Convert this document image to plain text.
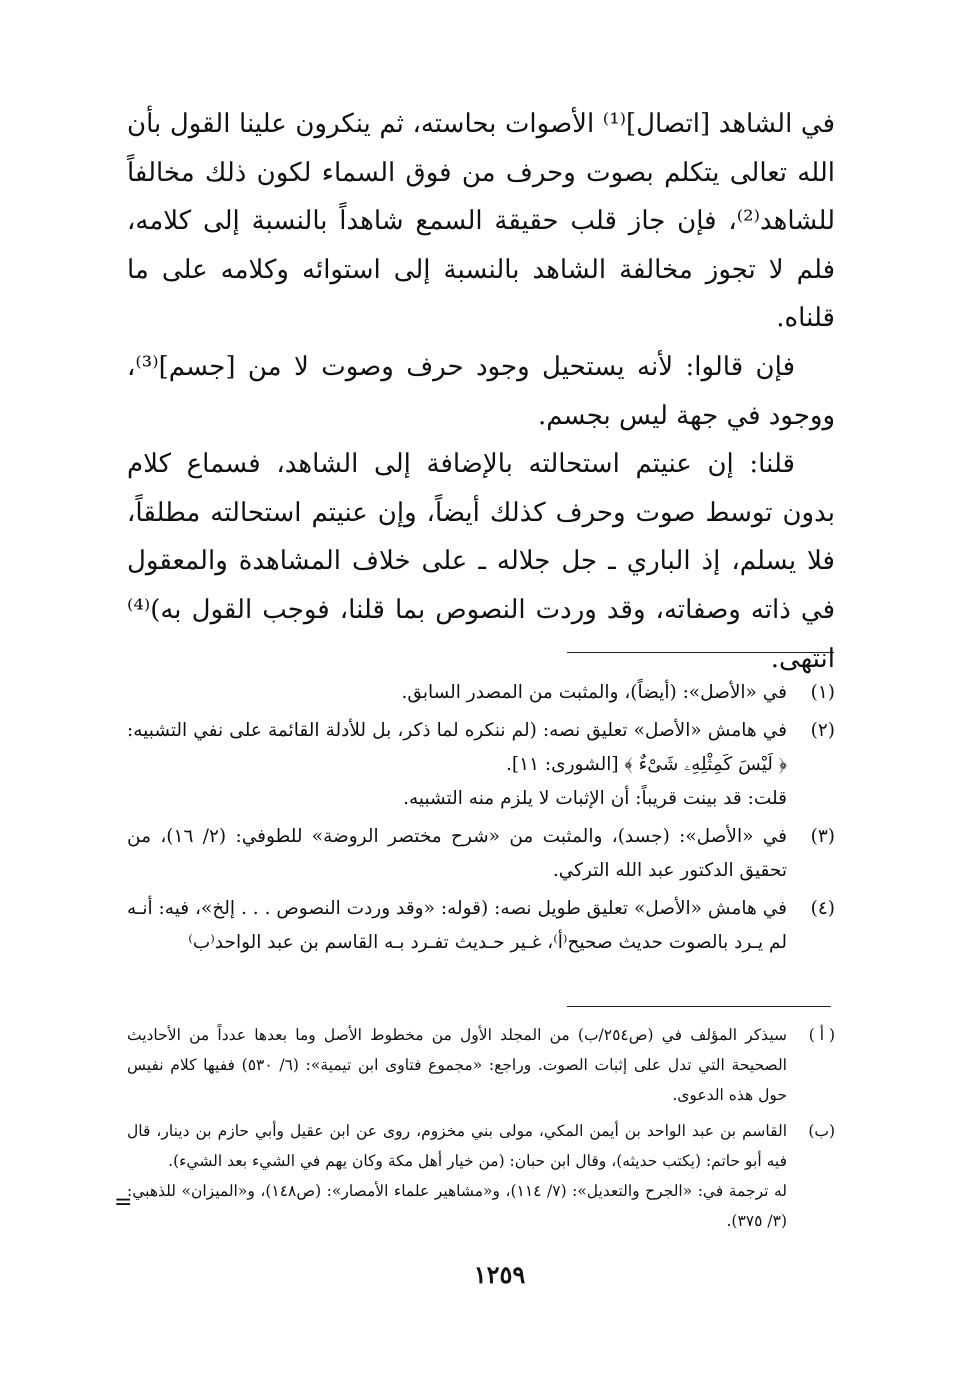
في الشاهد [اتصال]⁽¹⁾ الأصوات بحاسته، ثم ينكرون علينا القول بأن الله تعالى يتكلم بصوت وحرف من فوق السماء لكون ذلك مخالفاً للشاهد⁽²⁾، فإن جاز قلب حقيقة السمع شاهداً بالنسبة إلى كلامه، فلم لا تجوز مخالفة الشاهد بالنسبة إلى استوائه وكلامه على ما قلناه.

فإن قالوا: لأنه يستحيل وجود حرف وصوت لا من [جسم]⁽³⁾، ووجود في جهة ليس بجسم.

قلنا: إن عنيتم استحالته بالإضافة إلى الشاهد، فسماع كلام بدون توسط صوت وحرف كذلك أيضاً، وإن عنيتم استحالته مطلقاً، فلا يسلم، إذ الباري ـ جل جلاله ـ على خلاف المشاهدة والمعقول في ذاته وصفاته، وقد وردت النصوص بما قلنا، فوجب القول به)⁽⁴⁾ انتهى.

(١)
في «الأصل»: (أيضاً)، والمثبت من المصدر السابق.
(٢)
في هامش «الأصل» تعليق نصه: (لم ننكره لما ذكر، بل للأدلة القائمة على نفي التشبيه: ﴿ لَيْسَ كَمِثْلِهِۦ شَىْءٌ ﴾ [الشورى: ١١].
قلت: قد بينت قريباً: أن الإثبات لا يلزم منه التشبيه.
(٣)
في «الأصل»: (جسد)، والمثبت من «شرح مختصر الروضة» للطوفي: (٢/ ١٦)، من تحقيق الدكتور عبد الله التركي.
(٤)
في هامش «الأصل» تعليق طويل نصه: (قوله: «وقد وردت النصوص . . . إلخ»، فيه: أنـه لم يـرد بالصوت حديث صحيح⁽أ⁾، غـير حـديث تفـرد بـه القاسم بن عبد الواحد⁽ب⁾
( أ )
سيذكر المؤلف في (ص٢٥٤/ب) من المجلد الأول من مخطوط الأصل وما بعدها عدداً من الأحاديث الصحيحة التي تدل على إثبات الصوت. وراجع: «مجموع فتاوى ابن تيمية»: (٦/ ٥٣٠) ففيها كلام نفيس حول هذه الدعوى.
(ب)
القاسم بن عبد الواحد بن أيمن المكي، مولى بني مخزوم، روى عن ابن عقيل وأبي حازم بن دينار، قال فيه أبو حاتم: (يكتب حديثه)، وقال ابن حبان: (من خيار أهل مكة وكان يهم في الشيء بعد الشيء).
له ترجمة في: «الجرح والتعديل»: (٧/ ١١٤)، و«مشاهير علماء الأمصار»: (ص١٤٨)، و«الميزان» للذهبي: (٣/ ٣٧٥).
=
١٢٥٩
